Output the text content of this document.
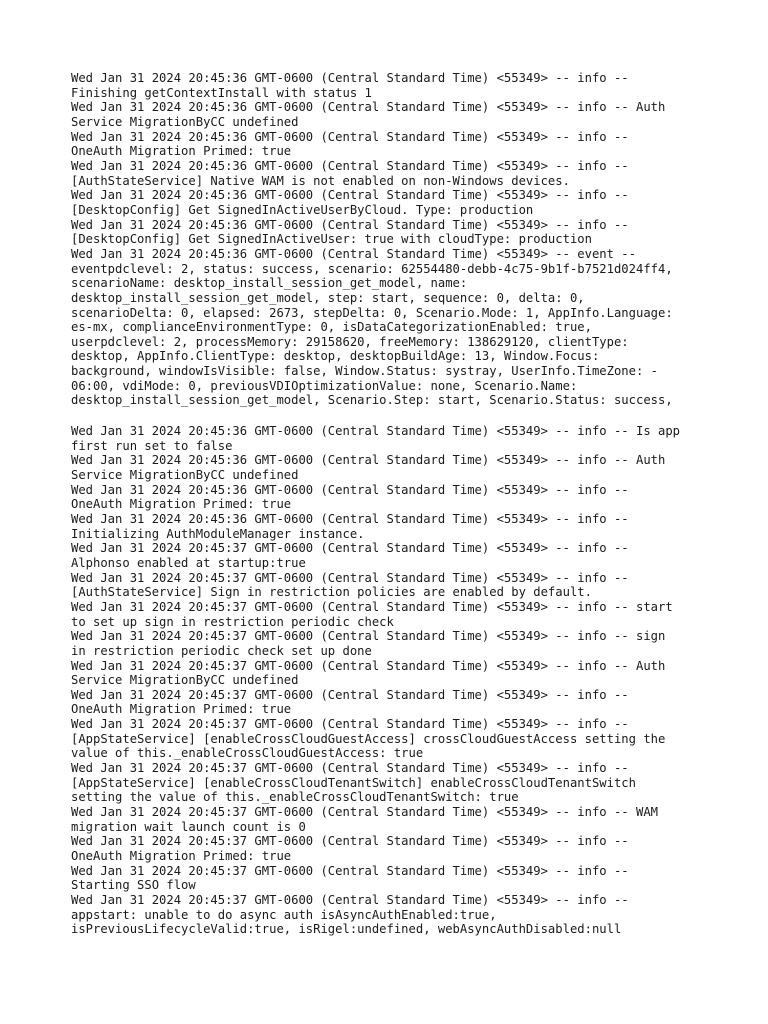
Wed Jan 31 2024 20:45:36 GMT-0600 (Central Standard Time) <55349> -- info --
Finishing getContextInstall with status 1
Wed Jan 31 2024 20:45:36 GMT-0600 (Central Standard Time) <55349> -- info -- Auth
Service MigrationByCC undefined
Wed Jan 31 2024 20:45:36 GMT-0600 (Central Standard Time) <55349> -- info --
OneAuth Migration Primed: true
Wed Jan 31 2024 20:45:36 GMT-0600 (Central Standard Time) <55349> -- info --
[AuthStateService] Native WAM is not enabled on non-Windows devices.
Wed Jan 31 2024 20:45:36 GMT-0600 (Central Standard Time) <55349> -- info --
[DesktopConfig] Get SignedInActiveUserByCloud. Type: production
Wed Jan 31 2024 20:45:36 GMT-0600 (Central Standard Time) <55349> -- info --
[DesktopConfig] Get SignedInActiveUser: true with cloudType: production
Wed Jan 31 2024 20:45:36 GMT-0600 (Central Standard Time) <55349> -- event --
eventpdclevel: 2, status: success, scenario: 62554480-debb-4c75-9b1f-b7521d024ff4,
scenarioName: desktop_install_session_get_model, name:
desktop_install_session_get_model, step: start, sequence: 0, delta: 0,
scenarioDelta: 0, elapsed: 2673, stepDelta: 0, Scenario.Mode: 1, AppInfo.Language:
es-mx, complianceEnvironmentType: 0, isDataCategorizationEnabled: true,
userpdclevel: 2, processMemory: 29158620, freeMemory: 138629120, clientType:
desktop, AppInfo.ClientType: desktop, desktopBuildAge: 13, Window.Focus:
background, windowIsVisible: false, Window.Status: systray, UserInfo.TimeZone: -
06:00, vdiMode: 0, previousVDIOptimizationValue: none, Scenario.Name:
desktop_install_session_get_model, Scenario.Step: start, Scenario.Status: success,
Wed Jan 31 2024 20:45:36 GMT-0600 (Central Standard Time) <55349> -- info -- Is app
first run set to false
Wed Jan 31 2024 20:45:36 GMT-0600 (Central Standard Time) <55349> -- info -- Auth
Service MigrationByCC undefined
Wed Jan 31 2024 20:45:36 GMT-0600 (Central Standard Time) <55349> -- info --
OneAuth Migration Primed: true
Wed Jan 31 2024 20:45:36 GMT-0600 (Central Standard Time) <55349> -- info --
Initializing AuthModuleManager instance.
Wed Jan 31 2024 20:45:37 GMT-0600 (Central Standard Time) <55349> -- info --
Alphonso enabled at startup:true
Wed Jan 31 2024 20:45:37 GMT-0600 (Central Standard Time) <55349> -- info --
[AuthStateService] Sign in restriction policies are enabled by default.
Wed Jan 31 2024 20:45:37 GMT-0600 (Central Standard Time) <55349> -- info -- start
to set up sign in restriction periodic check
Wed Jan 31 2024 20:45:37 GMT-0600 (Central Standard Time) <55349> -- info -- sign
in restriction periodic check set up done
Wed Jan 31 2024 20:45:37 GMT-0600 (Central Standard Time) <55349> -- info -- Auth
Service MigrationByCC undefined
Wed Jan 31 2024 20:45:37 GMT-0600 (Central Standard Time) <55349> -- info --
OneAuth Migration Primed: true
Wed Jan 31 2024 20:45:37 GMT-0600 (Central Standard Time) <55349> -- info --
[AppStateService] [enableCrossCloudGuestAccess] crossCloudGuestAccess setting the
value of this._enableCrossCloudGuestAccess: true
Wed Jan 31 2024 20:45:37 GMT-0600 (Central Standard Time) <55349> -- info --
[AppStateService] [enableCrossCloudTenantSwitch] enableCrossCloudTenantSwitch
setting the value of this._enableCrossCloudTenantSwitch: true
Wed Jan 31 2024 20:45:37 GMT-0600 (Central Standard Time) <55349> -- info -- WAM
migration wait launch count is 0
Wed Jan 31 2024 20:45:37 GMT-0600 (Central Standard Time) <55349> -- info --
OneAuth Migration Primed: true
Wed Jan 31 2024 20:45:37 GMT-0600 (Central Standard Time) <55349> -- info --
Starting SSO flow
Wed Jan 31 2024 20:45:37 GMT-0600 (Central Standard Time) <55349> -- info --
appstart: unable to do async auth isAsyncAuthEnabled:true,
isPreviousLifecycleValid:true, isRigel:undefined, webAsyncAuthDisabled:null
